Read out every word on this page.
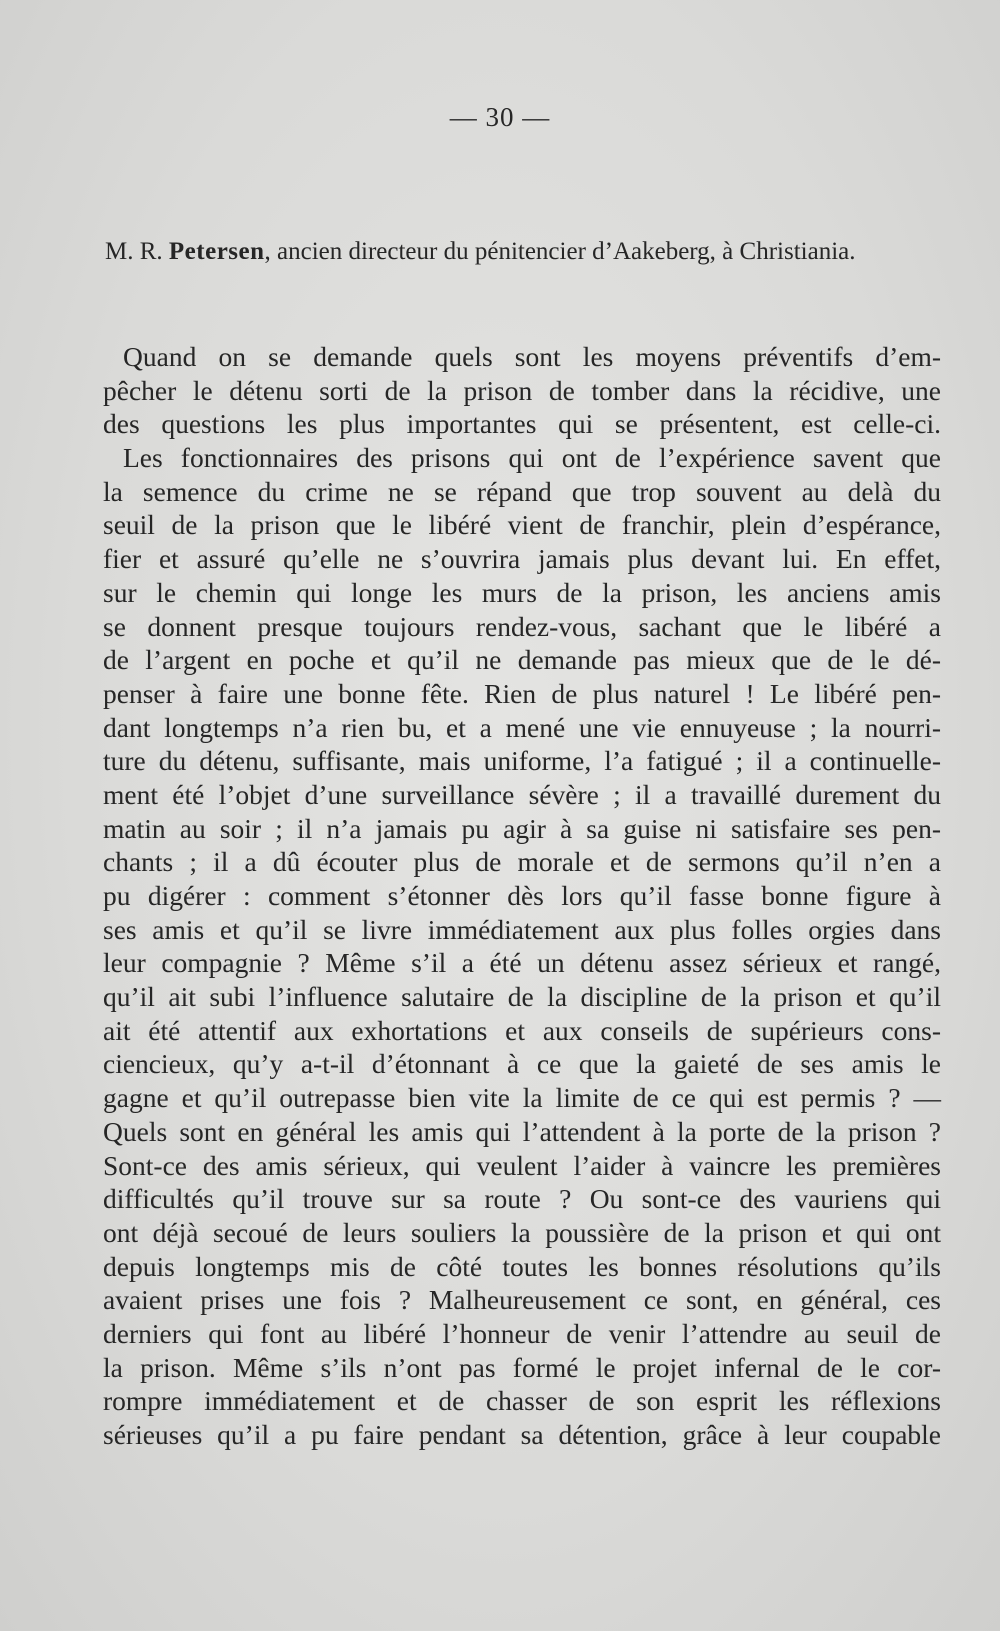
— 30 —
M. R. Petersen, ancien directeur du pénitencier d’Aakeberg, à Christiania.
Quand on se demande quels sont les moyens préventifs d’em-
pêcher le détenu sorti de la prison de tomber dans la récidive, une
des questions les plus importantes qui se présentent, est celle-ci.
Les fonctionnaires des prisons qui ont de l’expérience savent que
la semence du crime ne se répand que trop souvent au delà du
seuil de la prison que le libéré vient de franchir, plein d’espérance,
fier et assuré qu’elle ne s’ouvrira jamais plus devant lui. En effet,
sur le chemin qui longe les murs de la prison, les anciens amis
se donnent presque toujours rendez-vous, sachant que le libéré a
de l’argent en poche et qu’il ne demande pas mieux que de le dé-
penser à faire une bonne fête. Rien de plus naturel ! Le libéré pen-
dant longtemps n’a rien bu, et a mené une vie ennuyeuse ; la nourri-
ture du détenu, suffisante, mais uniforme, l’a fatigué ; il a continuelle-
ment été l’objet d’une surveillance sévère ; il a travaillé durement du
matin au soir ; il n’a jamais pu agir à sa guise ni satisfaire ses pen-
chants ; il a dû écouter plus de morale et de sermons qu’il n’en a
pu digérer : comment s’étonner dès lors qu’il fasse bonne figure à
ses amis et qu’il se livre immédiatement aux plus folles orgies dans
leur compagnie ? Même s’il a été un détenu assez sérieux et rangé,
qu’il ait subi l’influence salutaire de la discipline de la prison et qu’il
ait été attentif aux exhortations et aux conseils de supérieurs cons-
ciencieux, qu’y a-t-il d’étonnant à ce que la gaieté de ses amis le
gagne et qu’il outrepasse bien vite la limite de ce qui est permis ? —
Quels sont en général les amis qui l’attendent à la porte de la prison ?
Sont-ce des amis sérieux, qui veulent l’aider à vaincre les premières
difficultés qu’il trouve sur sa route ? Ou sont-ce des vauriens qui
ont déjà secoué de leurs souliers la poussière de la prison et qui ont
depuis longtemps mis de côté toutes les bonnes résolutions qu’ils
avaient prises une fois ? Malheureusement ce sont, en général, ces
derniers qui font au libéré l’honneur de venir l’attendre au seuil de
la prison. Même s’ils n’ont pas formé le projet infernal de le cor-
rompre immédiatement et de chasser de son esprit les réflexions
sérieuses qu’il a pu faire pendant sa détention, grâce à leur coupable
